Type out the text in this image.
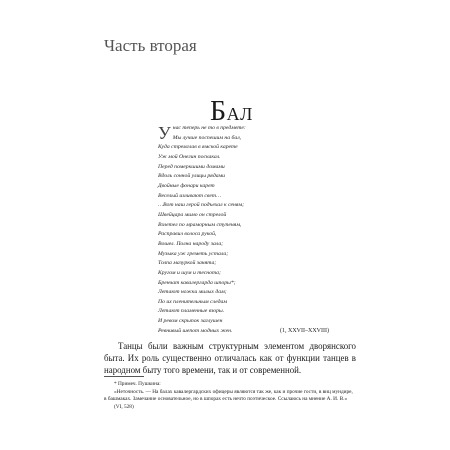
Часть вторая
БАЛ
У нас теперь не то в предмете:
Мы лучше поспешим на бал,
Куда стремглав в ямской карете
Уж мой Онегин поскакал.
Перед померкшими домами
Вдоль сонной улицы рядами
Двойные фонари карет
Веселый изливают свет…
…Вот наш герой подъехал к сеням;
Швейцара мимо он стрелой
Взлетел по мраморным ступеням,
Расправил волоса рукой,
Вошел. Полна народу зала;
Музыка уж греметь устала;
Толпа мазуркой занята;
Кругом и шум и теснота;
Бренчат кавалергарда шпоры*;
Летают ножки милых дам;
По их пленительным следам
Летают пламенные взоры.
И ревом скрыпок заглушен
Ревнивый шепот модных жен.	(1, XXVII–XXVIII)

Танцы были важным структурным элементом дворянского быта. Их роль существенно отличалась как от функции танцев в народном быту того времени, так и от современной.

* Примеч. Пушкина:
«Неточность. — На балах кавалергардских офицеры являются так же, как и прочие гости, в виц мундире, в башмаках. Замечание основательное, но в шпорах есть нечто поэтическое. Ссылаюсь на мнение А. И. В.»
(VI, 528)
